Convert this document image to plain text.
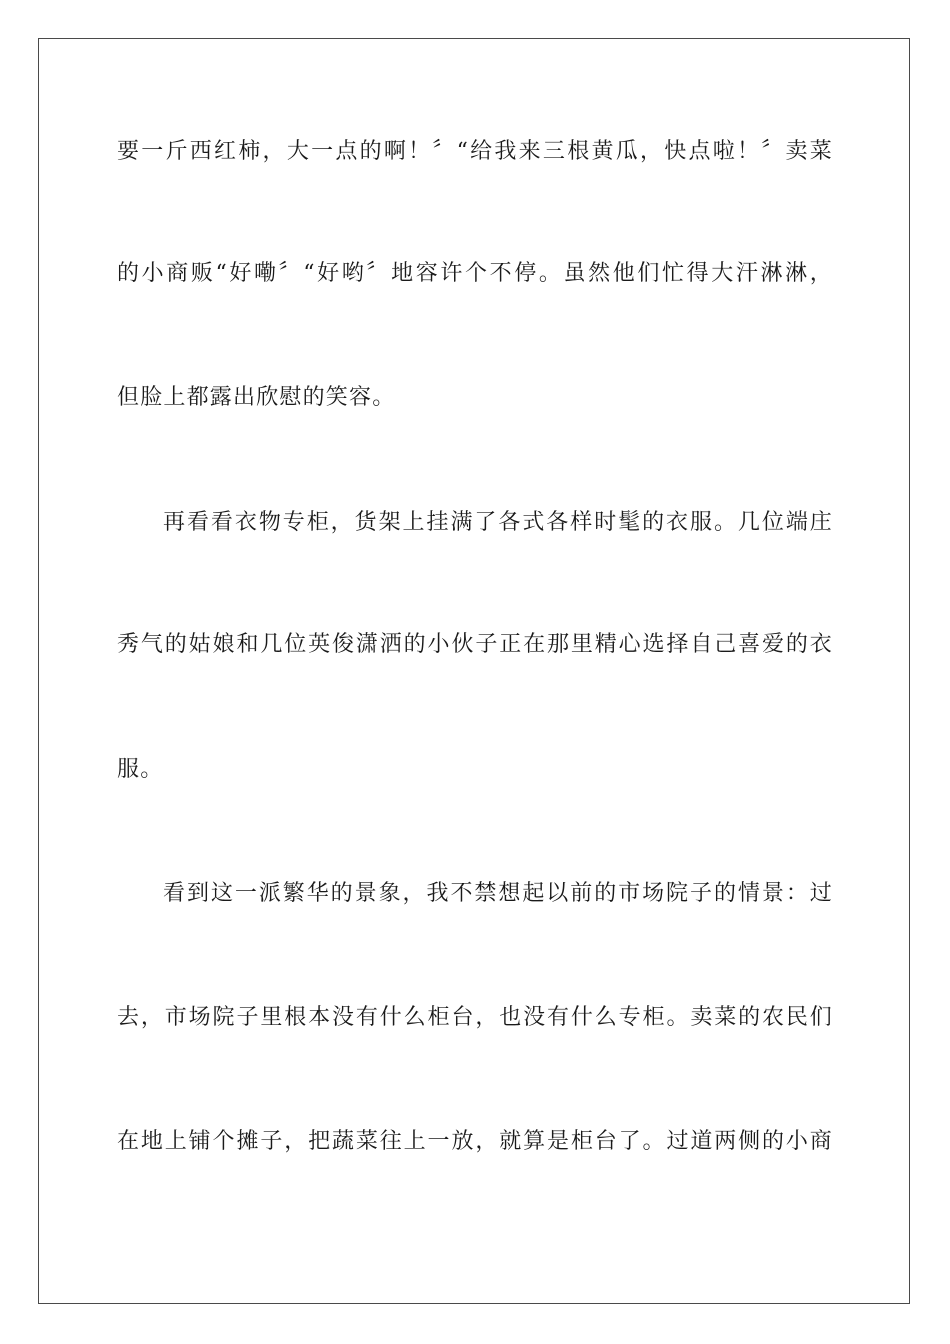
要一斤西红柿，大一点的啊！〞“给我来三根黄瓜，快点啦！〞卖菜
的小商贩“好嘞〞“好哟〞地容许个不停。虽然他们忙得大汗淋淋，
但脸上都露出欣慰的笑容。
再看看衣物专柜，货架上挂满了各式各样时髦的衣服。几位端庄
秀气的姑娘和几位英俊潇洒的小伙子正在那里精心选择自己喜爱的衣
服。
看到这一派繁华的景象，我不禁想起以前的市场院子的情景：过
去，市场院子里根本没有什么柜台，也没有什么专柜。卖菜的农民们
在地上铺个摊子，把蔬菜往上一放，就算是柜台了。过道两侧的小商
